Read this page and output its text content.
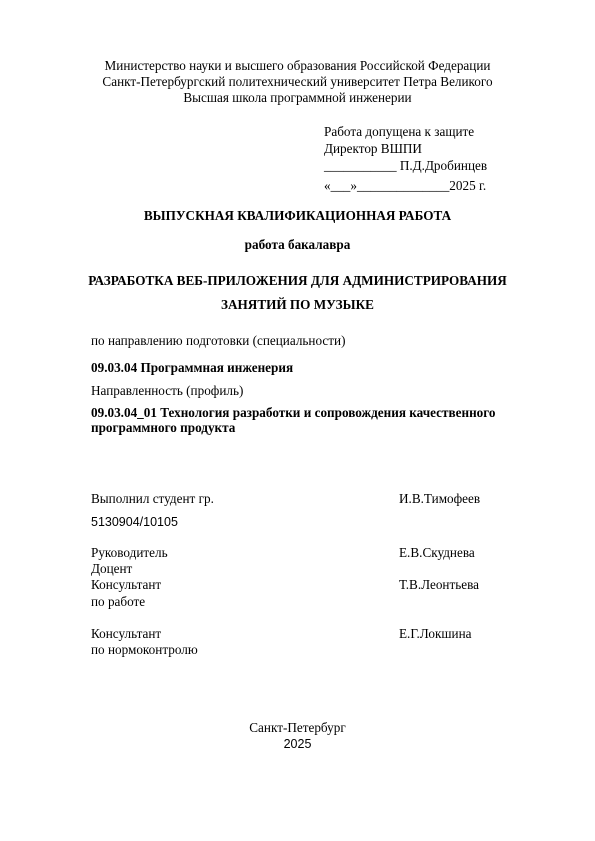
Министерство науки и высшего образования Российской Федерации
Санкт-Петербургский политехнический университет Петра Великого
Высшая школа программной инженерии
Работа допущена к защите
Директор ВШПИ
___________ П.Д.Дробинцев
«___»______________2025 г.
ВЫПУСКНАЯ КВАЛИФИКАЦИОННАЯ РАБОТА
работа бакалавра
РАЗРАБОТКА ВЕБ-ПРИЛОЖЕНИЯ ДЛЯ АДМИНИСТРИРОВАНИЯ
ЗАНЯТИЙ ПО МУЗЫКЕ
по направлению подготовки (специальности)
09.03.04 Программная инженерия
Направленность (профиль)
09.03.04_01 Технология разработки и сопровождения качественного
программного продукта
Выполнил студент гр.	И.В.Тимофеев
5130904/10105
Руководитель	Е.В.Скуднева
Доцент
Консультант	Т.В.Леонтьева
по работе
Консультант	Е.Г.Локшина
по нормоконтролю
Санкт-Петербург
2025
